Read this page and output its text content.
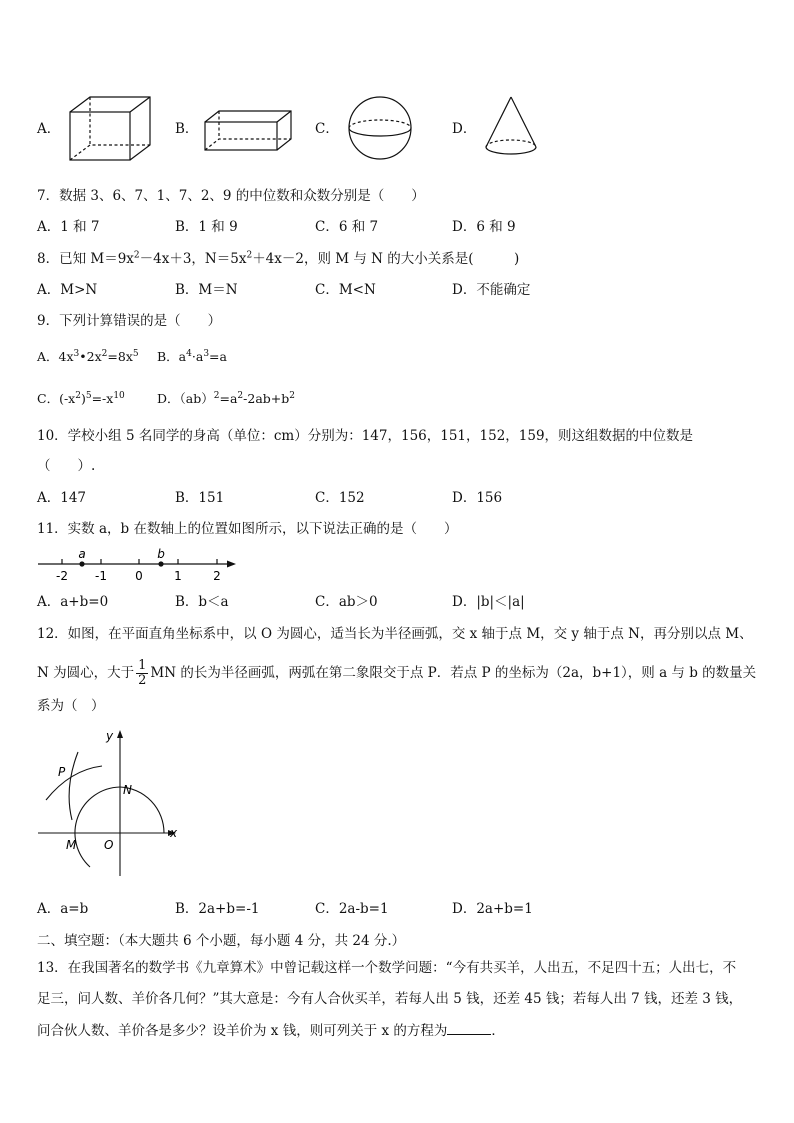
A．	B．	C．	D．
7．数据 3、6、7、1、7、2、9 的中位数和众数分别是（　　）
A．1 和 7	B．1 和 9	C．6 和 7	D．6 和 9
8．已知 $M=9x^2-4x+3$，$N=5x^2+4x-2$，则 M 与 N 的大小关系是(　　　)
A．M>N	B．M＝N	C．M<N	D．不能确定
9．下列计算错误的是（　　）
A．$4x^3•2x^2=8x^5$ B．$a^4\cdot a^3=a$
C．$(-x^2)^5=-x^{10}$	D．$(ab)^2=a^2-2ab+b^2$
10．学校小组 5 名同学的身高（单位：cm）分别为：147，156，151，152，159，则这组数据的中位数是
（　　）.
A．147	B．151	C．152	D．156
11．实数 a，b 在数轴上的位置如图所示，以下说法正确的是（　　）
a	b
-2 -1 0	1	2
A．a+b=0	B．b＜a	C．ab＞0	D．|b|＜|a|
12．如图，在平面直角坐标系中，以 O 为圆心，适当长为半径画弧，交 x 轴于点 M，交 y 轴于点 N，再分别以点 M、
N 为圆心，大于 $\frac{1}{2}$ MN 的长为半径画弧，两弧在第二象限交于点 P．若点 P 的坐标为（2a，b+1），则 a 与 b 的数量关
系为（　）
y
x
P
N
M O
A．a=b	B．2a+b=-1	C．2a-b=1	D．2a+b=1
二、填空题：（本大题共 6 个小题，每小题 4 分，共 24 分.）
13．在我国著名的数学书《九章算术》中曾记载这样一个数学问题：“今有共买羊，人出五，不足四十五；人出七，不
足三，问人数、羊价各几何？”其大意是：今有人合伙买羊，若每人出 5 钱，还差 45 钱；若每人出 7 钱，还差 3 钱，
问合伙人数、羊价各是多少？设羊价为 x 钱，则可列关于 x 的方程为	．
